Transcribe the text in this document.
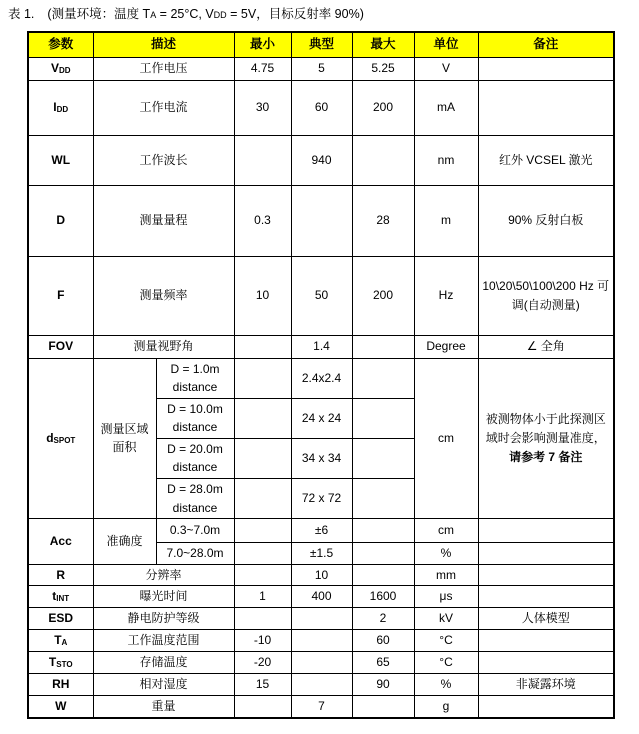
表 1. (测量环境：温度 TA = 25°C, VDD = 5V，目标反射率 90%)
参数	描述		最小	典型	最大	单位	备注
VDD	工作电压		4.75	5	5.25	V	
IDD	工作电流		30	60	200	mA	
WL	工作波长			940		nm	红外 VCSEL 激光
D	测量量程		0.3		28	m	90% 反射白板
F	测量频率		10	50	200	Hz	10\20\50\100\200 Hz 可调(自动测量)
FOV	测量视野角			1.4		Degree	∠ 全角
dSPOT	测量区域面积	D = 1.0m distance		2.4x2.4		cm	被测物体小于此探测区域时会影响测量准度，请参考 7 备注
		D = 10.0m distance		24 x 24			
		D = 20.0m distance		34 x 34			
		D = 28.0m distance		72 x 72			
Acc	准确度	0.3~7.0m		±6		cm	
		7.0~28.0m		±1.5		%	
R	分辨率			10		mm	
tINT	曝光时间		1	400	1600	μs	
ESD	静电防护等级				2	kV	人体模型
TA	工作温度范围		-10		60	°C	
TSTO	存储温度		-20		65	°C	
RH	相对湿度		15		90	%	非凝露环境
W	重量			7		g	
